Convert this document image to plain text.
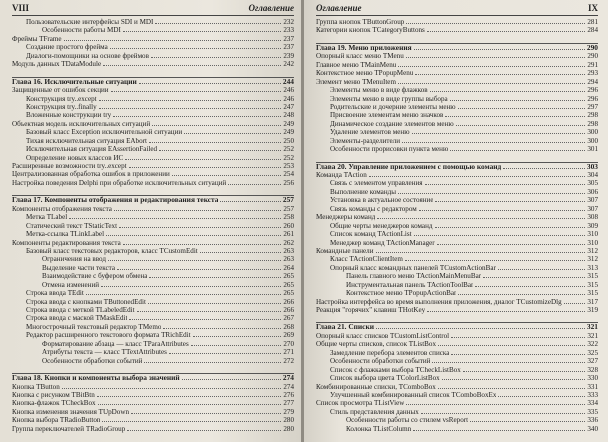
VIII	Оглавление
Пользовательские интерфейсы SDI и MDI	232
Особенности работы MDI	233
Фреймы TFrame	237
Создание простого фрейма	237
Диалоги-помощники на основе фреймов	239
Модуль данных TDataModule	242
Глава 16. Исключительные ситуации	244
Защищенные от ошибок секции	246
Конструкция try..except	246
Конструкция try..finally	247
Вложенные конструкции try	248
Объектная модель исключительных ситуаций	249
Базовый класс Exception исключительной ситуации	249
Тихая исключительная ситуация EAbort	250
Исключительная ситуация EAssertionFailed	252
Определение новых классов ИС	252
Расширенные возможности try..except	253
Централизованная обработка ошибок в приложении	254
Настройка поведения Delphi при обработке исключительных ситуаций	256
Глава 17. Компоненты отображения и редактирования текста	257
Компоненты отображения текста	257
Метка TLabel	258
Статический текст TStaticText	260
Метка-ссылка TLinkLabel	261
Компоненты редактирования текста	262
Базовый класс текстовых редакторов, класс TCustomEdit	263
Ограничения на ввод	263
Выделение части текста	264
Взаимодействие с буфером обмена	265
Отмена изменений	265
Строка ввода TEdit	265
Строка ввода с кнопками TButtonedEdit	266
Строка ввода с меткой TLabeledEdit	266
Строка ввода с маской TMaskEdit	267
Многострочный текстовый редактор TMemo	268
Редактор расширенного текстового формата TRichEdit	269
Форматирование абзаца — класс TParaAttributes	270
Атрибуты текста — класс TTextAttributes	271
Особенности обработки событий	272
Глава 18. Кнопки и компоненты выбора значений	274
Кнопка TButton	274
Кнопка с рисунком TBitBtn	276
Кнопка-флажок TCheckBox	277
Кнопка изменения значения TUpDown	279
Кнопка выбора TRadioButton	280
Группа переключателей TRadioGroup	280
Оглавление	IX
Группа кнопок TButtonGroup	281
Категории кнопок TCategoryButtons	284
Глава 19. Меню приложения	290
Опорный класс меню TMenu	290
Главное меню TMainMenu	291
Контекстное меню TPopupMenu	293
Элемент меню TMenuItem	294
Элементы меню в виде флажков	296
Элементы меню в виде группы выбора	296
Родительские и дочерние элементы меню	297
Присвоение элементам меню значков	298
Динамическое создание элементов меню	298
Удаление элементов меню	300
Элементы-разделители	300
Особенности прорисовки пункта меню	301
Глава 20. Управление приложением с помощью команд	303
Команда TAction	304
Связь с элементом управления	305
Выполнение команды	306
Установка в актуальное состояние	307
Связь команды с редактором	307
Менеджеры команд	308
Общие черты менеджеров команд	309
Список команд TActionList	310
Менеджер команд TActionManager	310
Командные панели	312
Класс TActionClientItem	312
Опорный класс командных панелей TCustomActionBar	313
Панель главного меню TActionMainMenuBar	315
Инструментальная панель TActionToolBar	315
Контекстное меню TPopupActionBar	315
Настройка интерфейса во время выполнения приложения, диалог TCustomizeDlg	317
Реакция "горячих" клавиш THotKey	319
Глава 21. Списки	321
Опорный класс списков TCustomListControl	321
Общие черты списков, список TListBox	322
Замедление перебора элементов списка	325
Особенности обработки событий	327
Список с флажками выбора TCheckListBox	328
Список выбора цвета TColorListBox	330
Комбинированные списки, TComboBox	331
Улучшенный комбинированный список TComboBoxEx	333
Список просмотра TListView	334
Стиль представления данных	335
Особенности работы со стилем vsReport	336
Колонка TListColumn	340
